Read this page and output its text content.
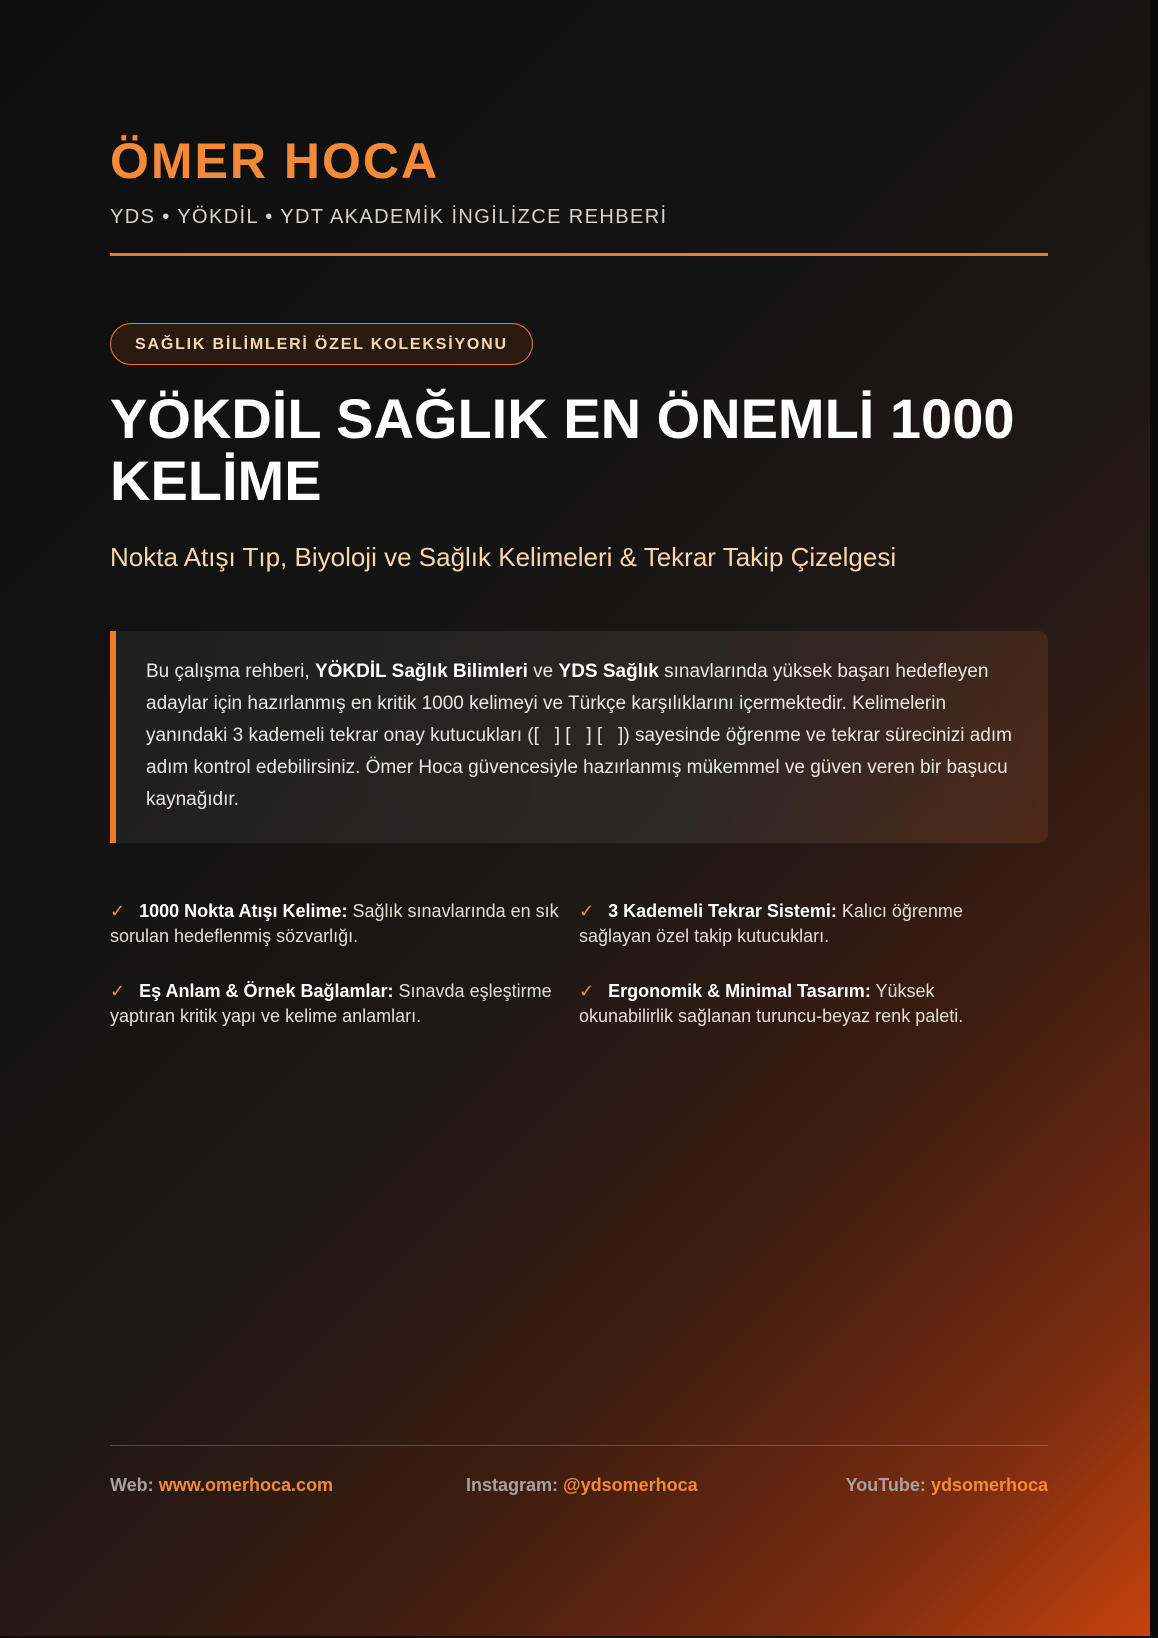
ÖMER HOCA
YDS • YÖKDİL • YDT AKADEMİK İNGİLİZCE REHBERİ
SAĞLIK BİLİMLERİ ÖZEL KOLEKSİYONU
YÖKDİL SAĞLIK EN ÖNEMLİ 1000 KELİME
Nokta Atışı Tıp, Biyoloji ve Sağlık Kelimeleri & Tekrar Takip Çizelgesi
Bu çalışma rehberi, YÖKDİL Sağlık Bilimleri ve YDS Sağlık sınavlarında yüksek başarı hedefleyen adaylar için hazırlanmış en kritik 1000 kelimeyi ve Türkçe karşılıklarını içermektedir. Kelimelerin yanındaki 3 kademeli tekrar onay kutucukları ([   ] [   ] [   ]) sayesinde öğrenme ve tekrar sürecinizi adım adım kontrol edebilirsiniz. Ömer Hoca güvencesiyle hazırlanmış mükemmel ve güven veren bir başucu kaynağıdır.
✓ 1000 Nokta Atışı Kelime: Sağlık sınavlarında en sık sorulan hedeflenmiş sözvarlığı.
✓ 3 Kademeli Tekrar Sistemi: Kalıcı öğrenme sağlayan özel takip kutucukları.
✓ Eş Anlam & Örnek Bağlamlar: Sınavda eşleştirme yaptıran kritik yapı ve kelime anlamları.
✓ Ergonomik & Minimal Tasarım: Yüksek okunabilirlik sağlanan turuncu-beyaz renk paleti.
Web: www.omerhoca.com	Instagram: @ydsomerhoca	YouTube: ydsomerhoca
